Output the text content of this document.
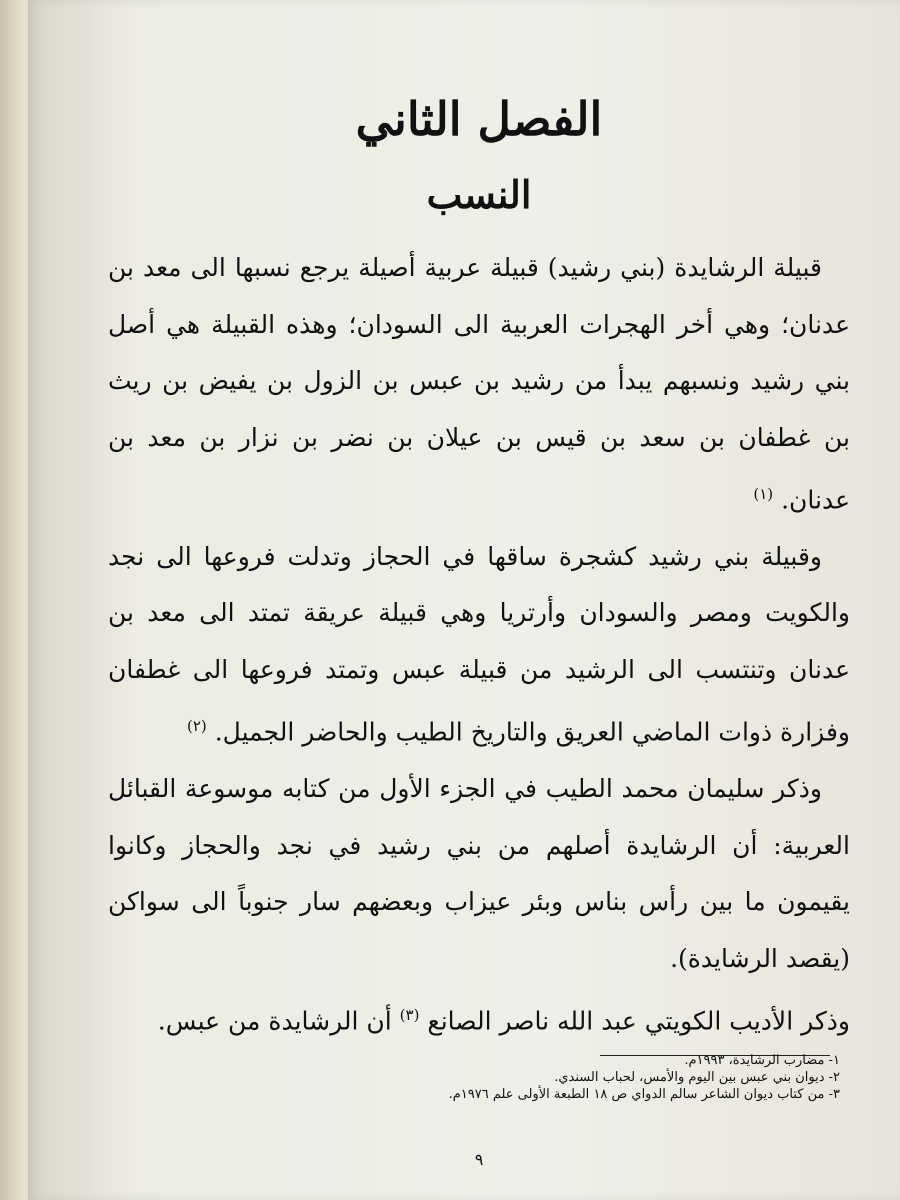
الفصل الثاني
النسب

قبيلة الرشايدة (بني رشيد) قبيلة عربية أصيلة يرجع نسبها الى معد بن عدنان؛ وهي أخر الهجرات العربية الى السودان؛ وهذه القبيلة هي أصل بني رشيد ونسبهم يبدأ من رشيد بن عبس بن الزول بن يفيض بن ريث بن غطفان بن سعد بن قيس بن عيلان بن نضر بن نزار بن معد بن عدنان. $^{(١)}$

وقبيلة بني رشيد كشجرة ساقها في الحجاز وتدلت فروعها الى نجد والكويت ومصر والسودان وأرتريا وهي قبيلة عريقة تمتد الى معد بن عدنان وتنتسب الى الرشيد من قبيلة عبس وتمتد فروعها الى غطفان وفزارة ذوات الماضي العريق والتاريخ الطيب والحاضر الجميل. $^{(٢)}$

وذكر سليمان محمد الطيب في الجزء الأول من كتابه موسوعة القبائل العربية: أن الرشايدة أصلهم من بني رشيد في نجد والحجاز وكانوا يقيمون ما بين رأس بناس وبئر عيزاب وبعضهم سار جنوباً الى سواكن (يقصد الرشايدة).

وذكر الأديب الكويتي عبد الله ناصر الصانع $^{(٣)}$ أن الرشايدة من عبس.

١- مضارب الرشايدة، ١٩٩٣م.

٢- ديوان بني عبس بين اليوم والأمس، لحباب السندي.

٣- من كتاب ديوان الشاعر سالم الدواي ص ١٨ الطبعة الأولى علم ١٩٧٦م.

٩
